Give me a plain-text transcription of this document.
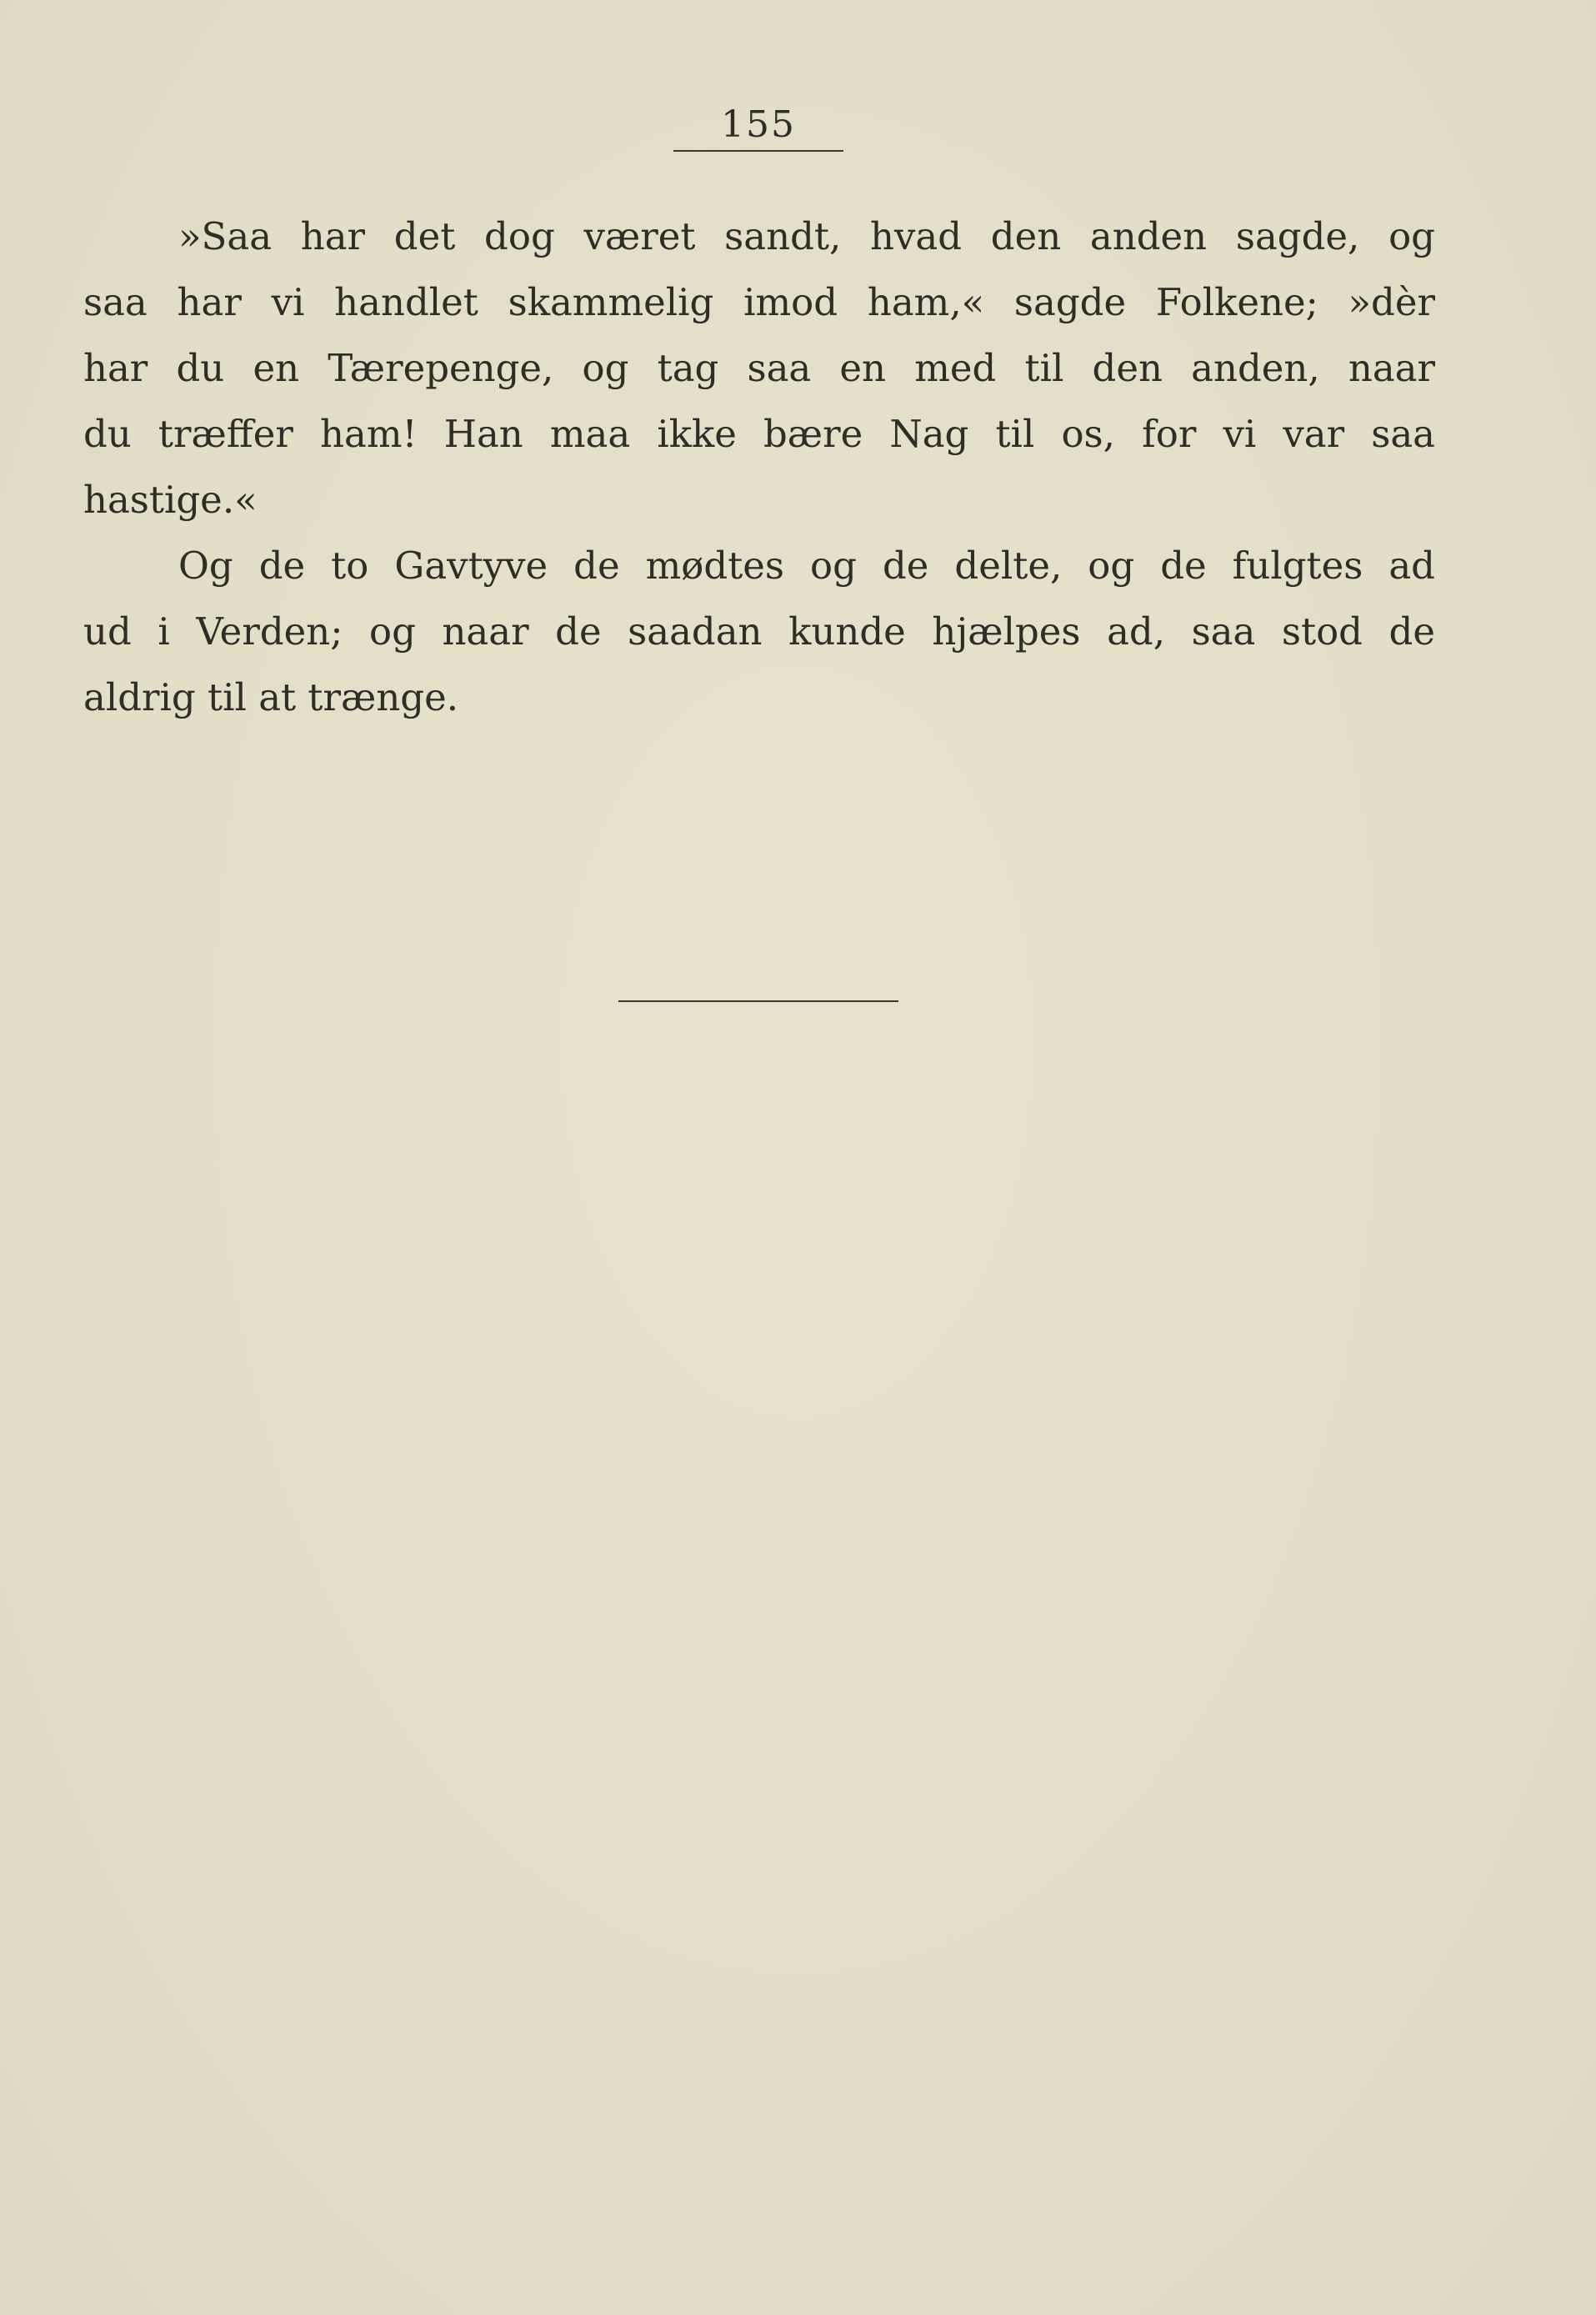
155
»Saa har det dog været sandt, hvad den anden sagde, og
saa har vi handlet skammelig imod ham,« sagde Folkene; »dèr
har du en Tærepenge, og tag saa en med til den anden, naar
du træffer ham! Han maa ikke bære Nag til os, for vi var saa
hastige.«
Og de to Gavtyve de mødtes og de delte, og de fulgtes ad
ud i Verden; og naar de saadan kunde hjælpes ad, saa stod de
aldrig til at trænge.
